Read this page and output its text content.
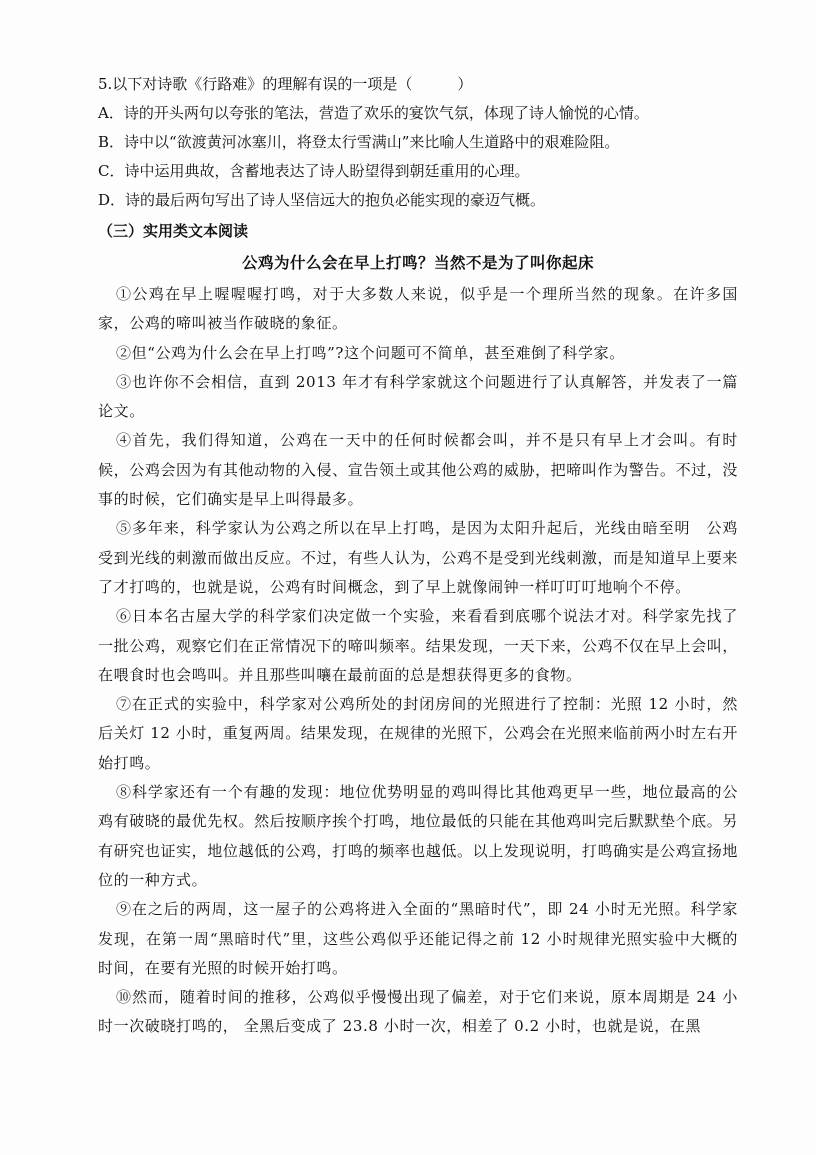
5.以下对诗歌《行路难》的理解有误的一项是（　　　）

A．诗的开头两句以夸张的笔法，营造了欢乐的宴饮气氛，体现了诗人愉悦的心情。

B．诗中以“欲渡黄河冰塞川，将登太行雪满山”来比喻人生道路中的艰难险阻。

C．诗中运用典故，含蓄地表达了诗人盼望得到朝廷重用的心理。

D．诗的最后两句写出了诗人坚信远大的抱负必能实现的豪迈气概。

（三）实用类文本阅读

公鸡为什么会在早上打鸣？当然不是为了叫你起床

①公鸡在早上喔喔喔打鸣，对于大多数人来说，似乎是一个理所当然的现象。在许多国家，公鸡的啼叫被当作破晓的象征。

②但“公鸡为什么会在早上打鸣”?这个问题可不简单，甚至难倒了科学家。

③也许你不会相信，直到 2013 年才有科学家就这个问题进行了认真解答，并发表了一篇论文。

④首先，我们得知道，公鸡在一天中的任何时候都会叫，并不是只有早上才会叫。有时候，公鸡会因为有其他动物的入侵、宣告领土或其他公鸡的威胁，把啼叫作为警告。不过，没事的时候，它们确实是早上叫得最多。

⑤多年来，科学家认为公鸡之所以在早上打鸣，是因为太阳升起后，光线由暗至明　公鸡受到光线的刺激而做出反应。不过，有些人认为，公鸡不是受到光线刺激，而是知道早上要来了才打鸣的，也就是说，公鸡有时间概念，到了早上就像闹钟一样叮叮叮地响个不停。

⑥日本名古屋大学的科学家们决定做一个实验，来看看到底哪个说法才对。科学家先找了一批公鸡，观察它们在正常情况下的啼叫频率。结果发现，一天下来，公鸡不仅在早上会叫，在喂食时也会鸣叫。并且那些叫嚷在最前面的总是想获得更多的食物。

⑦在正式的实验中，科学家对公鸡所处的封闭房间的光照进行了控制：光照 12 小时，然后关灯 12 小时，重复两周。结果发现，在规律的光照下，公鸡会在光照来临前两小时左右开始打鸣。

⑧科学家还有一个有趣的发现：地位优势明显的鸡叫得比其他鸡更早一些，地位最高的公鸡有破晓的最优先权。然后按顺序挨个打鸣，地位最低的只能在其他鸡叫完后默默垫个底。另有研究也证实，地位越低的公鸡，打鸣的频率也越低。以上发现说明，打鸣确实是公鸡宣扬地位的一种方式。

⑨在之后的两周，这一屋子的公鸡将进入全面的“黑暗时代”，即 24 小时无光照。科学家发现，在第一周“黑暗时代”里，这些公鸡似乎还能记得之前 12 小时规律光照实验中大概的时间，在要有光照的时候开始打鸣。

⑩然而，随着时间的推移，公鸡似乎慢慢出现了偏差，对于它们来说，原本周期是 24 小时一次破晓打鸣的， 全黑后变成了 23.8 小时一次，相差了 0.2 小时，也就是说，在黑
